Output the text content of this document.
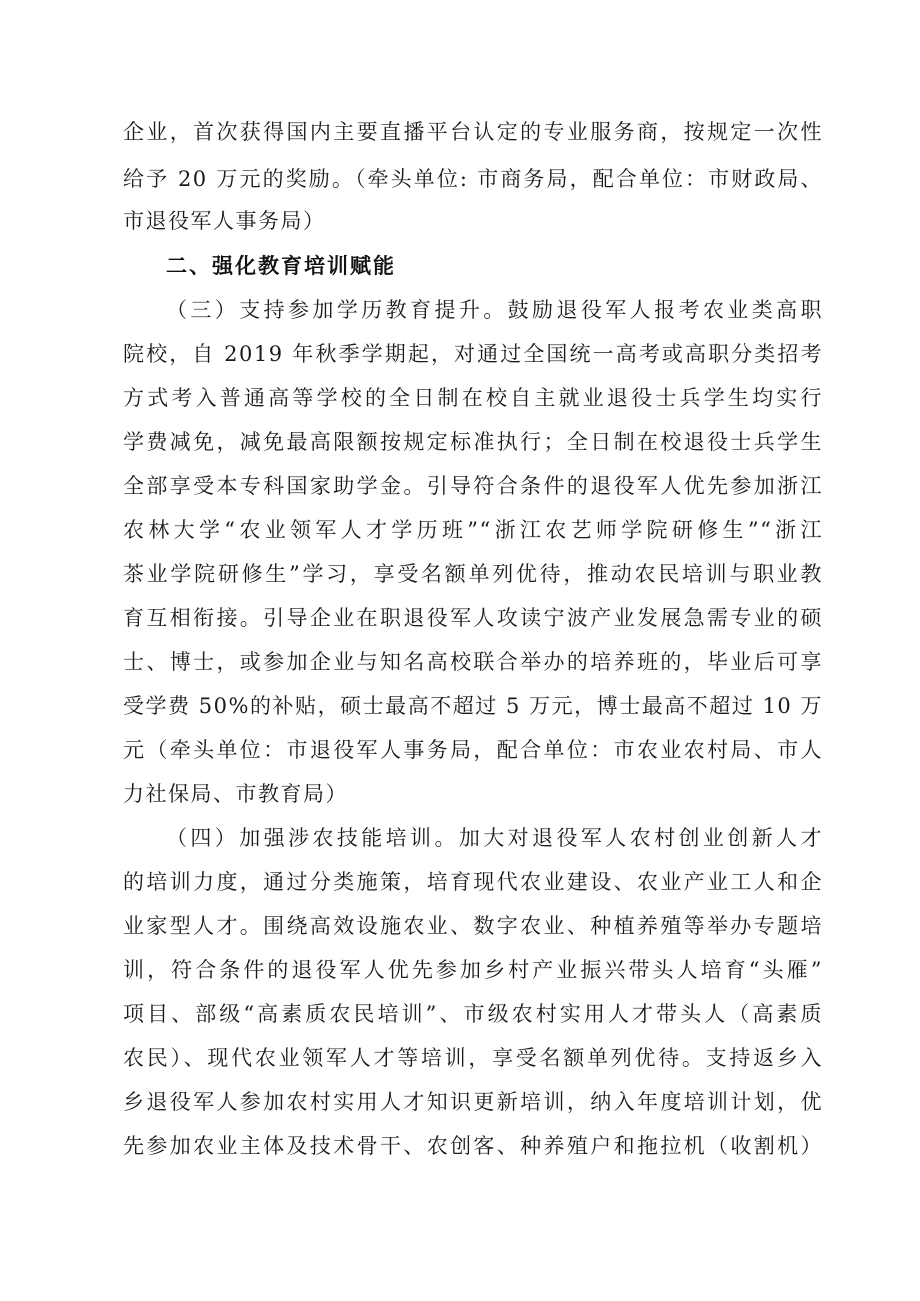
企业，首次获得国内主要直播平台认定的专业服务商，按规定一次性
给予 20 万元的奖励。（牵头单位: 市商务局，配合单位：市财政局、
市退役军人事务局）
二、强化教育培训赋能
（三）支持参加学历教育提升。鼓励退役军人报考农业类高职
院校，自 2019 年秋季学期起，对通过全国统一高考或高职分类招考
方式考入普通高等学校的全日制在校自主就业退役士兵学生均实行
学费减免，减免最高限额按规定标准执行；全日制在校退役士兵学生
全部享受本专科国家助学金。引导符合条件的退役军人优先参加浙江
农林大学“农业领军人才学历班”“浙江农艺师学院研修生”“浙江
茶业学院研修生”学习，享受名额单列优待，推动农民培训与职业教
育互相衔接。引导企业在职退役军人攻读宁波产业发展急需专业的硕
士、博士，或参加企业与知名高校联合举办的培养班的，毕业后可享
受学费 50%的补贴，硕士最高不超过 5 万元，博士最高不超过 10 万
元（牵头单位：市退役军人事务局，配合单位：市农业农村局、市人
力社保局、市教育局）
（四）加强涉农技能培训。加大对退役军人农村创业创新人才
的培训力度，通过分类施策，培育现代农业建设、农业产业工人和企
业家型人才。围绕高效设施农业、数字农业、种植养殖等举办专题培
训，符合条件的退役军人优先参加乡村产业振兴带头人培育“头雁”
项目、部级“高素质农民培训”、市级农村实用人才带头人（高素质
农民）、现代农业领军人才等培训，享受名额单列优待。支持返乡入
乡退役军人参加农村实用人才知识更新培训，纳入年度培训计划，优
先参加农业主体及技术骨干、农创客、种养殖户和拖拉机（收割机）
